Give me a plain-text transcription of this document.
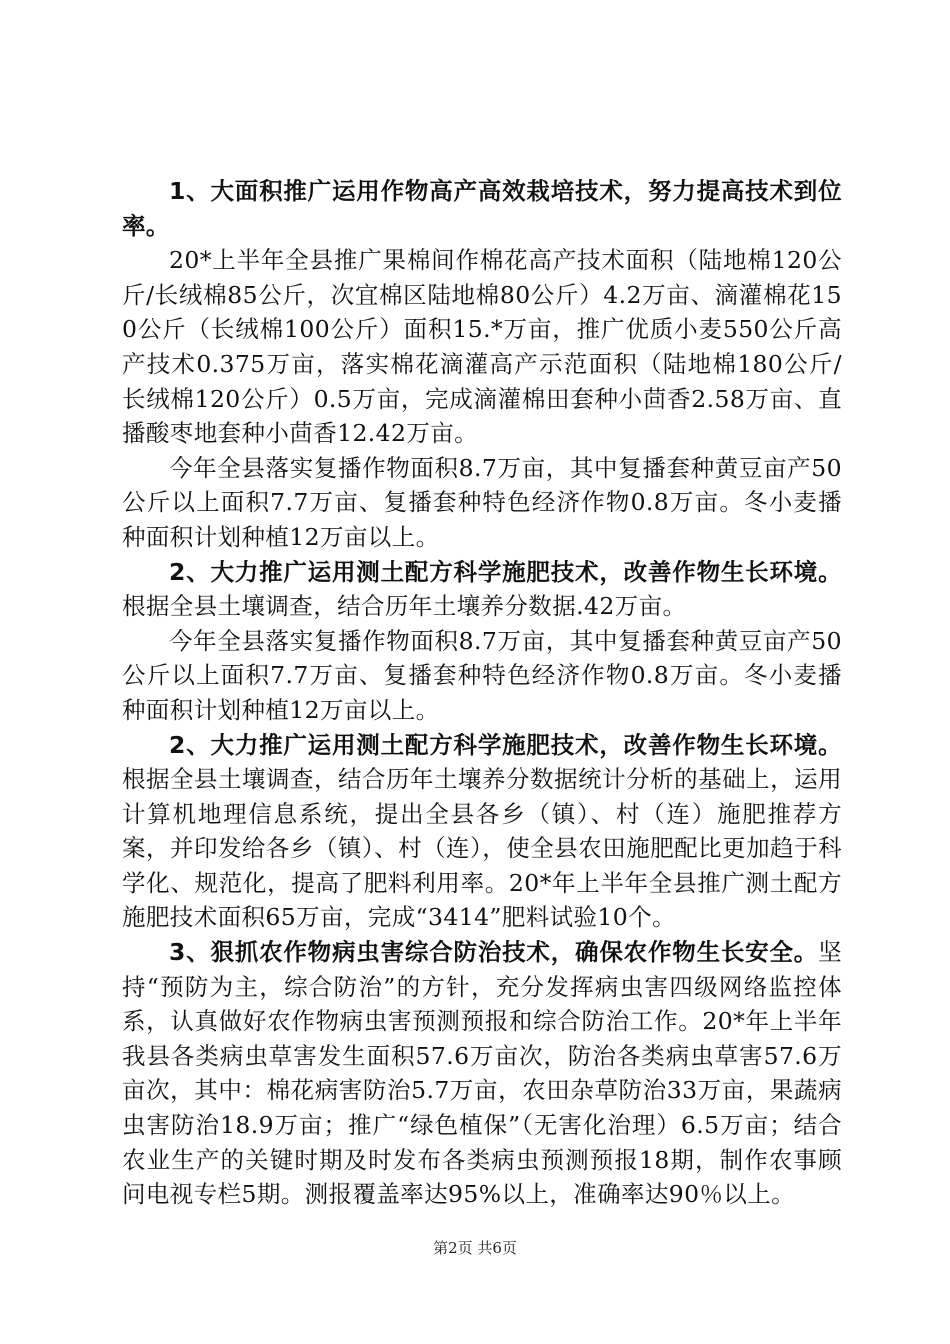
1、大面积推广运用作物高产高效栽培技术，努力提高技术到位率。

20*上半年全县推广果棉间作棉花高产技术面积（陆地棉120公斤/长绒棉85公斤，次宜棉区陆地棉80公斤）4.2万亩、滴灌棉花150公斤（长绒棉100公斤）面积15.*万亩，推广优质小麦550公斤高产技术0.375万亩，落实棉花滴灌高产示范面积（陆地棉180公斤/长绒棉120公斤）0.5万亩，完成滴灌棉田套种小茴香2.58万亩、直播酸枣地套种小茴香12.42万亩。

今年全县落实复播作物面积8.7万亩，其中复播套种黄豆亩产50公斤以上面积7.7万亩、复播套种特色经济作物0.8万亩。冬小麦播种面积计划种植12万亩以上。

2、大力推广运用测土配方科学施肥技术，改善作物生长环境。根据全县土壤调查，结合历年土壤养分数据.42万亩。

今年全县落实复播作物面积8.7万亩，其中复播套种黄豆亩产50公斤以上面积7.7万亩、复播套种特色经济作物0.8万亩。冬小麦播种面积计划种植12万亩以上。

2、大力推广运用测土配方科学施肥技术，改善作物生长环境。根据全县土壤调查，结合历年土壤养分数据统计分析的基础上，运用计算机地理信息系统，提出全县各乡（镇）、村（连）施肥推荐方案，并印发给各乡（镇）、村（连），使全县农田施肥配比更加趋于科学化、规范化，提高了肥料利用率。20*年上半年全县推广测土配方施肥技术面积65万亩，完成“3414”肥料试验10个。

3、狠抓农作物病虫害综合防治技术，确保农作物生长安全。坚持“预防为主，综合防治”的方针，充分发挥病虫害四级网络监控体系，认真做好农作物病虫害预测预报和综合防治工作。20*年上半年我县各类病虫草害发生面积57.6万亩次，防治各类病虫草害57.6万亩次，其中：棉花病害防治5.7万亩，农田杂草防治33万亩，果蔬病虫害防治18.9万亩；推广“绿色植保”（无害化治理）6.5万亩；结合农业生产的关键时期及时发布各类病虫预测预报18期，制作农事顾问电视专栏5期。测报覆盖率达95%以上，准确率达90％以上。

第2页 共6页
